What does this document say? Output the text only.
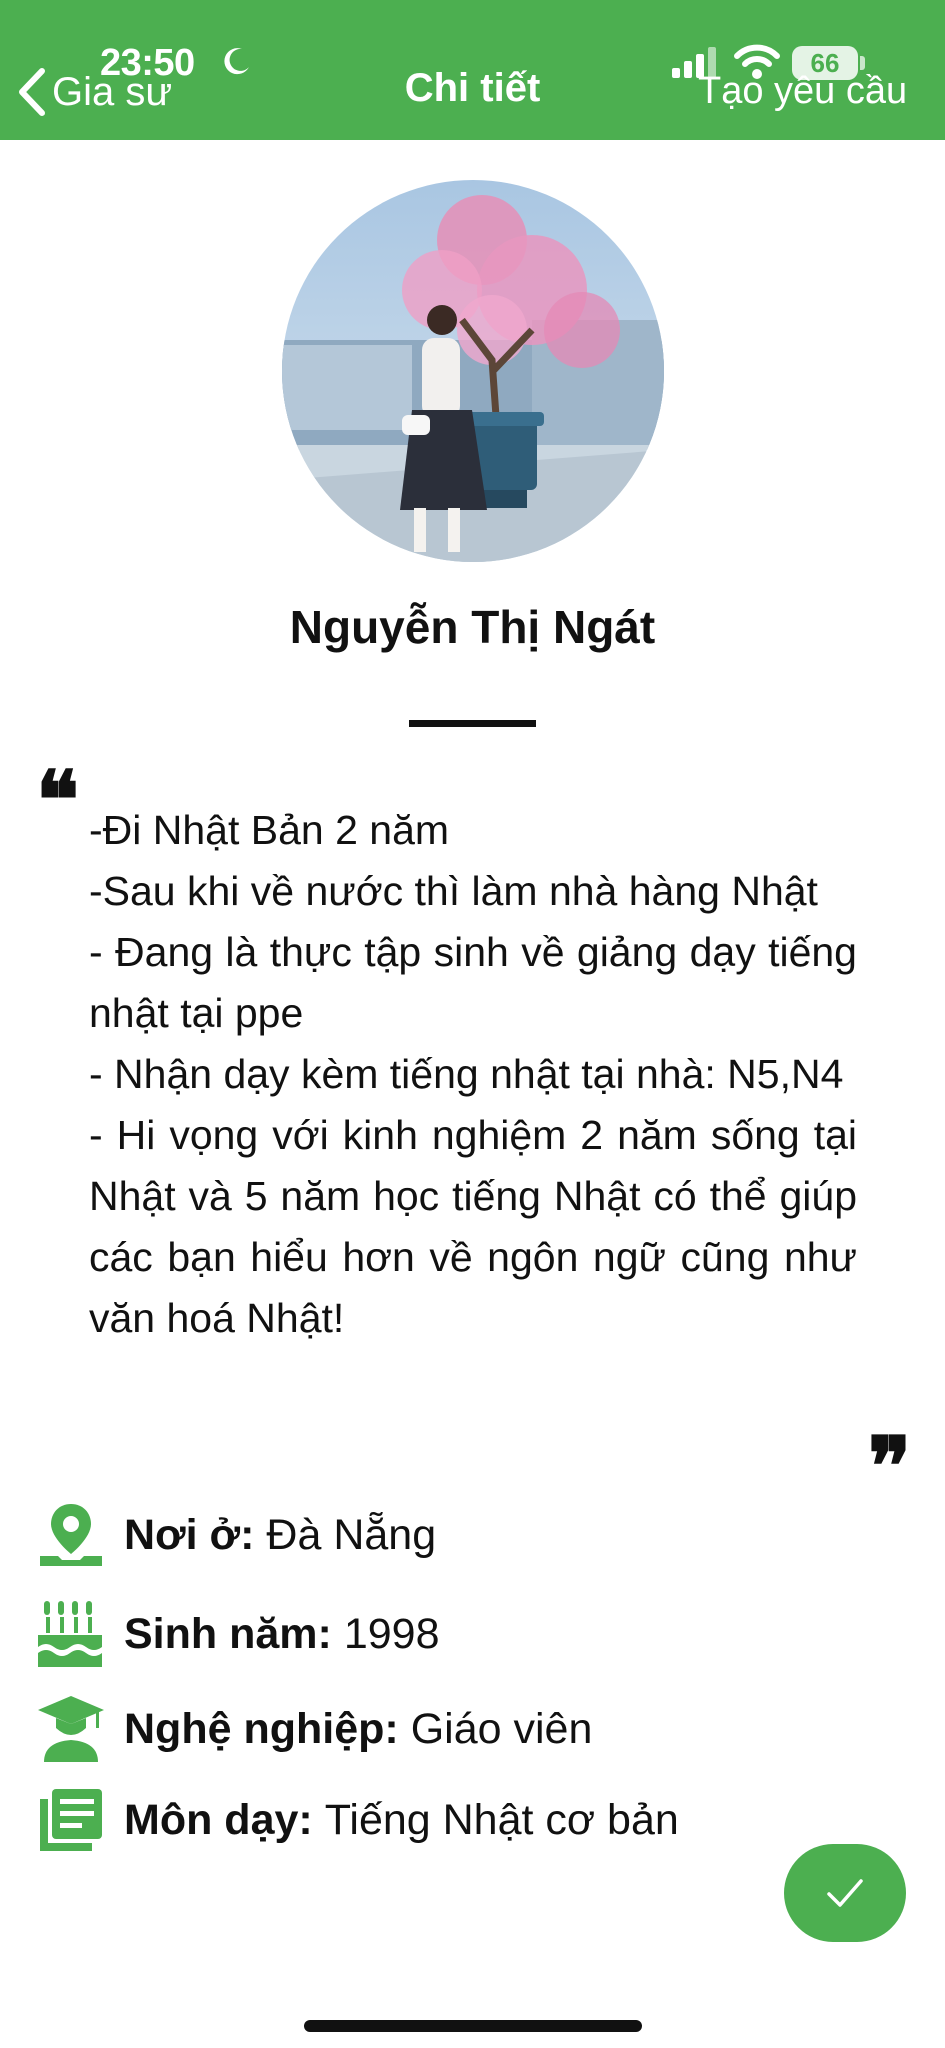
23:50
Gia sư	Chi tiết
66
Tạo yêu cầu
Nguyễn Thị Ngát
❝ -Đi Nhật Bản 2 năm
-Sau khi về nước thì làm nhà hàng Nhật
- Đang là thực tập sinh về giảng dạy tiếng nhật tại ppe
- Nhận dạy kèm tiếng nhật tại nhà: N5,N4
- Hi vọng với kinh nghiệm 2 năm sống tại Nhật và 5 năm học tiếng Nhật có thể giúp các bạn hiểu hơn về ngôn ngữ cũng như văn hoá Nhật!
❞
Nơi ở: Đà Nẵng
Sinh năm: 1998
Nghệ nghiệp: Giáo viên
Môn dạy: Tiếng Nhật cơ bản
